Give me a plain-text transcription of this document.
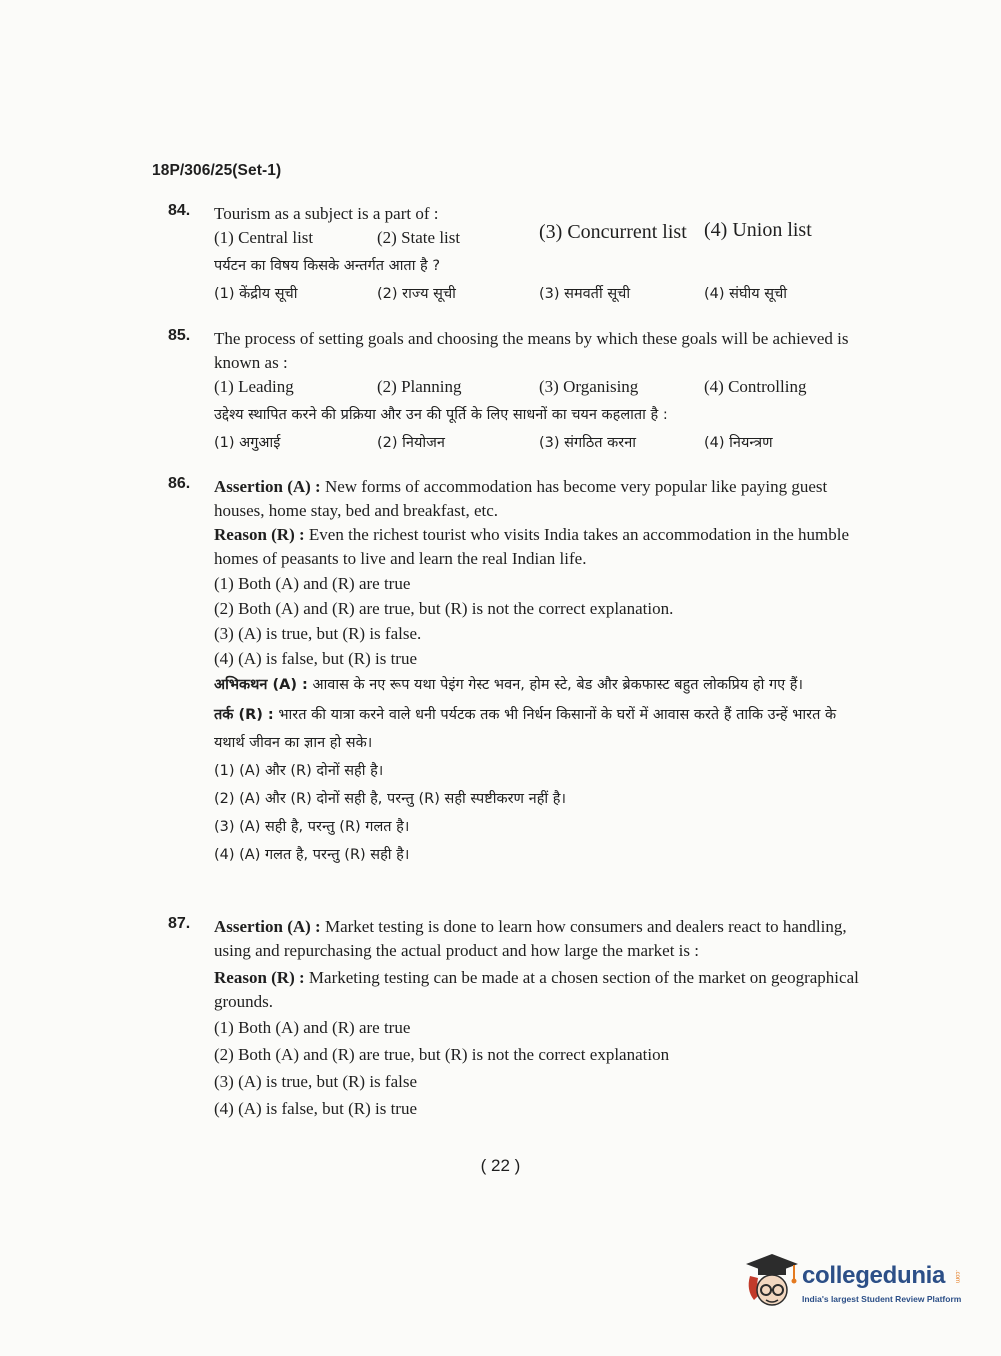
18P/306/25(Set-1)
84. Tourism as a subject is a part of :

(1) Central list	(2) State list	(3) Concurrent list (4) Union list

पर्यटन का विषय किसके अन्तर्गत आता है ?

(1) केंद्रीय सूची	(2) राज्य सूची	(3) समवर्ती सूची	(4) संघीय सूची
85. The process of setting goals and choosing the means by which these goals will be achieved is known as :

(1) Leading	(2) Planning	(3) Organising	(4) Controlling

उद्देश्य स्थापित करने की प्रक्रिया और उन की पूर्ति के लिए साधनों का चयन कहलाता है :

(1) अगुआई	(2) नियोजन	(3) संगठित करना	(4) नियन्त्रण
86. Assertion (A) : New forms of accommodation has become very popular like paying guest houses, home stay, bed and breakfast, etc.

Reason (R) : Even the richest tourist who visits India takes an accommodation in the humble homes of peasants to live and learn the real Indian life.

(1) Both (A) and (R) are true

(2) Both (A) and (R) are true, but (R) is not the correct explanation.

(3) (A) is true, but (R) is false.

(4) (A) is false, but (R) is true

अभिकथन (A) : आवास के नए रूप यथा पेइंग गेस्ट भवन, होम स्टे, बेड और ब्रेकफास्ट बहुत लोकप्रिय हो गए हैं।

तर्क (R) : भारत की यात्रा करने वाले धनी पर्यटक तक भी निर्धन किसानों के घरों में आवास करते हैं ताकि उन्हें भारत के यथार्थ जीवन का ज्ञान हो सके।

(1) (A) और (R) दोनों सही है।

(2) (A) और (R) दोनों सही है, परन्तु (R) सही स्पष्टीकरण नहीं है।

(3) (A) सही है, परन्तु (R) गलत है।

(4) (A) गलत है, परन्तु (R) सही है।

87. Assertion (A) : Market testing is done to learn how consumers and dealers react to handling, using and repurchasing the actual product and how large the market is :

Reason (R) : Marketing testing can be made at a chosen section of the market on geographical grounds.

(1) Both (A) and (R) are true

(2) Both (A) and (R) are true, but (R) is not the correct explanation

(3) (A) is true, but (R) is false

(4) (A) is false, but (R) is true

( 22 )
collegedunia .com
India's largest Student Review Platform
